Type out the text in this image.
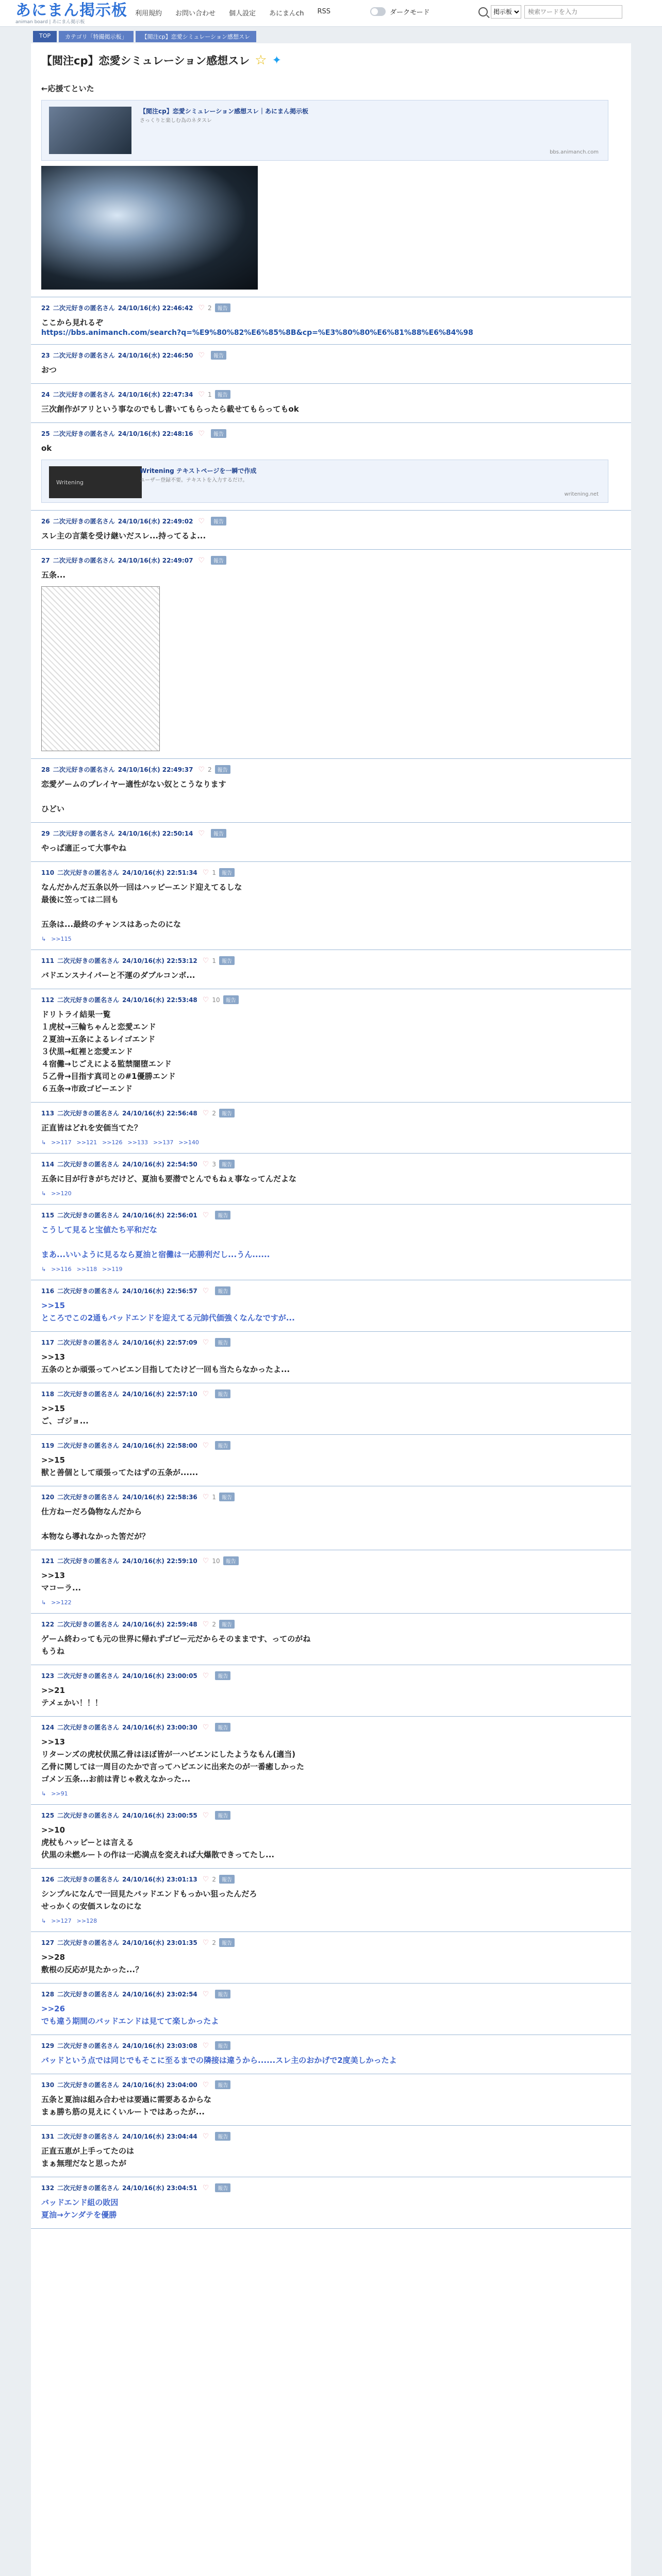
あにまん掲示板
animan board | あにまん掲示板
利用規約 お問い合わせ 個人設定 あにまんch RSS	ダークモード
掲示板
検索ワードを入力
TOP	カテゴリ「特撮掲示板」	【閲注cp】恋愛シミュレーション感想スレ
【閲注cp】恋愛シミュレーション感想スレ ☆ ✦
←応援てといた
【閲注cp】恋愛シミュレーション感想スレ｜あにまん掲示板
さっくりと楽しむ為のネタスレ
bbs.animanch.com
22 二次元好きの匿名さん 24/10/16(水) 22:46:42 ♡ 2	報告
ここから見れるぞ
https://bbs.animanch.com/search?q=%E9%80%82%E6%85%8B&cp=%E3%80%80%E6%81%88%E6%84%98
23 二次元好きの匿名さん 24/10/16(水) 22:46:50 ♡	報告
おつ
24 二次元好きの匿名さん 24/10/16(水) 22:47:34 ♡ 1	報告
三次創作がアリという事なのでもし書いてもらったら載せてもらってもok
25 二次元好きの匿名さん 24/10/16(水) 22:48:16 ♡	報告
ok
Writening
Writening テキストページを一瞬で作成
ユーザー登録不要。テキストを入力するだけ。
writening.net
26 二次元好きの匿名さん 24/10/16(水) 22:49:02 ♡	報告
スレ主の言葉を受け継いだスレ...持ってるよ...
27 二次元好きの匿名さん 24/10/16(水) 22:49:07 ♡	報告
五条...
28 二次元好きの匿名さん 24/10/16(水) 22:49:37 ♡ 2	報告
恋愛ゲームのプレイヤー適性がない奴とこうなります

ひどい
29 二次元好きの匿名さん 24/10/16(水) 22:50:14 ♡	報告
やっぱ適正って大事やね
110 二次元好きの匿名さん 24/10/16(水) 22:51:34 ♡ 1	報告
なんだかんだ五条以外一回はハッピーエンド迎えてるしな
最後に笠っては二回も

五条は...最終のチャンスはあったのにな
↳ >>115
111 二次元好きの匿名さん 24/10/16(水) 22:53:12 ♡ 1	報告
バドエンスナイパーと不運のダブルコンボ...
112 二次元好きの匿名さん 24/10/16(水) 22:53:48 ♡ 10	報告
ドリトライ結果一覧
１虎杖→三輪ちゃんと恋愛エンド
２夏油→五条によるレイゴエンド
３伏黒→虹裡と恋愛エンド
４宿儺→じごえによる監禁闇堕エンド
５乙骨→目指す真司との#1優勝エンド
６五条→市政ゴビーエンド
113 二次元好きの匿名さん 24/10/16(水) 22:56:48 ♡ 2	報告
正直皆はどれを安価当てた？
↳ >>117 >>121 >>126 >>133 >>137 >>140
114 二次元好きの匿名さん 24/10/16(水) 22:54:50 ♡ 3	報告
五条に目が行きがちだけど、夏油も要潜でとんでもねぇ事なってんだよな
↳ >>120
115 二次元好きの匿名さん 24/10/16(水) 22:56:01 ♡	報告
こうして見ると宝値たち平和だな

まあ...いいように見るなら夏油と宿儺は一応勝利だし...うん......
↳ >>116 >>118 >>119
116 二次元好きの匿名さん 24/10/16(水) 22:56:57 ♡	報告
>>15
ところでこの2通もバッドエンドを迎えてる元帥代価強くなんなですが...
117 二次元好きの匿名さん 24/10/16(水) 22:57:09 ♡	報告
>>13
五条のとか頑張ってハピエン目指してたけど一回も当たらなかったよ...
118 二次元好きの匿名さん 24/10/16(水) 22:57:10 ♡	報告
>>15
ご、ゴジョ...
119 二次元好きの匿名さん 24/10/16(水) 22:58:00 ♡	報告
>>15
獣と善個として頑張ってたはずの五条が......
120 二次元好きの匿名さん 24/10/16(水) 22:58:36 ♡ 1	報告
仕方ねーだろ偽物なんだから

本物なら導れなかった筈だが？
121 二次元好きの匿名さん 24/10/16(水) 22:59:10 ♡ 10	報告
>>13
マコーラ...
↳ >>122
122 二次元好きの匿名さん 24/10/16(水) 22:59:48 ♡ 2	報告
ゲーム終わっても元の世界に帰れずゴビー元だからそのままです、ってのがね
もうね
123 二次元好きの匿名さん 24/10/16(水) 23:00:05 ♡	報告
>>21
テメェかい！！！
124 二次元好きの匿名さん 24/10/16(水) 23:00:30 ♡	報告
>>13
リターンズの虎杖伏黒乙骨はほぼ皆が一ハピエンにしたようなもん(適当)
乙骨に関しては一周目のたかで言ってハピエンに出来たのが一番癒しかった
ゴメン五条...お前は青じゃ救えなかった...
↳ >>91
125 二次元好きの匿名さん 24/10/16(水) 23:00:55 ♡	報告
>>10
虎杖もハッピーとは言える
伏黒の未燃ルートの作は一応満点を変えれば大爆散できってたし...
126 二次元好きの匿名さん 24/10/16(水) 23:01:13 ♡ 2	報告
シンプルになんで一回見たバッドエンドもっかい狙ったんだろ
せっかくの安価スレなのにな
↳ >>127 >>128
127 二次元好きの匿名さん 24/10/16(水) 23:01:35 ♡ 2	報告
>>28
敷根の反応が見たかった...？
128 二次元好きの匿名さん 24/10/16(水) 23:02:54 ♡	報告
>>26
でも違う期間のバッドエンドは見てて楽しかったよ
129 二次元好きの匿名さん 24/10/16(水) 23:03:08 ♡	報告
バッドという点では同じでもそこに至るまでの隣接は違うから......スレ主のおかげで2度美しかったよ
130 二次元好きの匿名さん 24/10/16(水) 23:04:00 ♡	報告
五条と夏油は組み合わせは要過に需要あるからな
まぁ勝ち筋の見えにくいルートではあったが...
131 二次元好きの匿名さん 24/10/16(水) 23:04:44 ♡	報告
正直五恵が上手ってたのは
まぁ無理だなと思ったが
132 二次元好きの匿名さん 24/10/16(水) 23:04:51 ♡	報告
バッドエンド組の敗因
夏油→ケンダテを優勝
